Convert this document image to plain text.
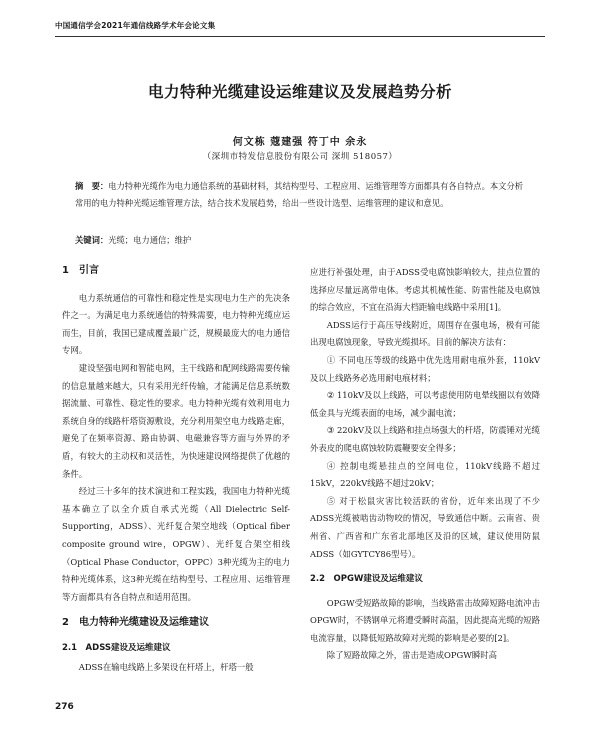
中国通信学会2021年通信线路学术年会论文集
电力特种光缆建设运维建议及发展趋势分析
何文栋 蔻建强 符丁中 余永
（深圳市特发信息股份有限公司 深圳 518057）
摘　要：电力特种光缆作为电力通信系统的基础材料，其结构型号、工程应用、运维管理等方面都具有各自特点。本文分析常用的电力特种光缆运维管理方法，结合技术发展趋势，给出一些设计选型、运维管理的建议和意见。
关键词：光缆；电力通信；维护

1　引言

电力系统通信的可靠性和稳定性是实现电力生产的先决条件之一。为满足电力系统通信的特殊需要，电力特种光缆应运而生，目前，我国已建成覆盖最广泛，规模最庞大的电力通信专网。

建设坚强电网和智能电网，主干线路和配网线路需要传输的信息量越来越大，只有采用光纤传输，才能满足信息系统数据流量、可靠性、稳定性的要求。电力特种光缆有效利用电力系统自身的线路杆塔资源敷设，充分利用架空电力线路走廊，避免了在频率资源、路由协调、电磁兼容等方面与外界的矛盾，有较大的主动权和灵活性，为快速建设网络提供了优越的条件。

经过三十多年的技术演进和工程实践，我国电力特种光缆基本确立了以全介质自承式光缆（All Dielectric Self-Supporting，ADSS）、光纤复合架空地线（Optical fiber composite ground wire，OPGW）、光纤复合架空相线（Optical Phase Conductor，OPPC）3种光缆为主的电力特种光缆体系，这3种光缆在结构型号、工程应用、运维管理等方面都具有各自特点和适用范围。

2　电力特种光缆建设及运维建议

2.1　ADSS建设及运维建议

ADSS在输电线路上多架设在杆塔上，杆塔一般

应进行补强处理，由于ADSS受电腐蚀影响较大，挂点位置的选择应尽量远离带电体。考虑其机械性能、防雷性能及电腐蚀的综合效应，不宜在沿海大档距输电线路中采用[1]。

ADSS运行于高压导线附近，周围存在强电场，极有可能出现电腐蚀现象，导致光缆损坏。目前的解决方法有：

① 不同电压等级的线路中优先选用耐电痕外套，110kV及以上线路务必选用耐电痕材料；

② 110kV及以上线路，可以考虑使用防电晕线圈以有效降低金具与光缆表面的电场，减少漏电流；

③ 220kV及以上线路和挂点场强大的杆塔，防震锤对光缆外表皮的爬电腐蚀较防震鞭要安全得多；

④ 控制电缆悬挂点的空间电位，110kV线路不超过15kV，220kV线路不超过20kV；

⑤ 对于松鼠灾害比较活跃的省份，近年来出现了不少ADSS光缆被啮齿动物咬的情况，导致通信中断。云南省、贵州省、广西省和广东省北部地区及沿的区域，建议使用防鼠ADSS（如GYTCY86型号）。

2.2　OPGW建设及运维建议

OPGW受短路故障的影响，当线路雷击故障短路电流冲击OPGW时，不锈钢单元将遭受瞬时高温，因此提高光缆的短路电流容量，以降低短路故障对光缆的影响是必要的[2]。

除了短路故障之外，雷击是造成OPGW瞬时高

276
